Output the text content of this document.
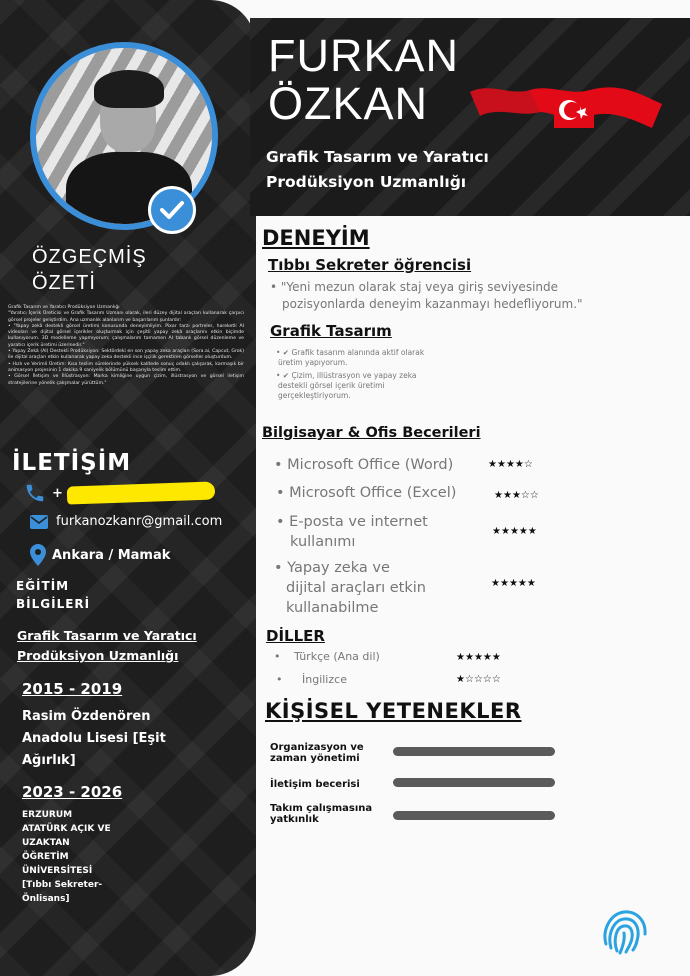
ÖZGEÇMİŞ
ÖZETİ

Grafik Tasarım ve Yaratıcı Prodüksiyon Uzmanlığı

"Yaratıcı İçerik Üreticisi ve Grafik Tasarım Uzmanı olarak, ileri düzey dijital araçları kullanarak çarpıcı görsel projeler geliştirdim. Ana uzmanlık alanlarım ve başarılarım şunlardır:

• "Yapay zekâ destekli görsel üretimi konusunda deneyimliyim. Pixar tarzı portreler, hareketli AI videoları ve dijital görsel içerikler oluşturmak için çeşitli yapay zekâ araçlarını etkin biçimde kullanıyorum. 3D modelleme yapmıyorum; çalışmalarım tamamen AI tabanlı görsel düzenleme ve yaratıcı içerik üretimi üzerinedir."

• Yapay Zekâ (AI) Destekli Prodüksiyon: Sektördeki en son yapay zeka araçları (Sora.ai, Capcut, Grok) ile dijital araçları etkin kullanarak yapay zeka destekli ince işçilik gerektiren görseller oluşturdum.

• Hızlı ve Verimli Üretim: Kısa teslim sürelerinde yüksek kalitede sonuç odaklı çalışarak, karmaşık bir animasyon projesinin 1 dakika 9 saniyelik bölümünü başarıyla teslim ettim.

• Görsel İletişim ve İllüstrasyon: Marka kimliğine uygun çizim, illüstrasyon ve görsel iletişim stratejilerine yönelik çalışmalar yürüttüm."

İLETİŞİM
+
furkanozkanr@gmail.com
Ankara / Mamak
EĞİTİM
BİLGİLERİ
Grafik Tasarım ve Yaratıcı
Prodüksiyon Uzmanlığı
2015 - 2019
Rasim Özdenören
Anadolu Lisesi [Eşit
Ağırlık]
2023 - 2026
ERZURUM
ATATÜRK AÇIK VE
UZAKTAN
ÖĞRETİM
ÜNİVERSİTESİ
[Tıbbı Sekreter-
Önlisans]
FURKAN
ÖZKAN
Grafik Tasarım ve Yaratıcı
Prodüksiyon Uzmanlığı
DENEYİM
Tıbbı Sekreter öğrencisi
• "Yeni mezun olarak staj veya giriş seviyesinde
pozisyonlarda deneyim kazanmayı hedefliyorum."
Grafik Tasarım
• ✔ Grafik tasarım alanında aktif olarak
üretim yapıyorum.
• ✔ Çizim, illüstrasyon ve yapay zeka
destekli görsel içerik üretimi
gerçekleştiriyorum.
Bilgisayar & Ofis Becerileri
• Microsoft Office (Word)	★★★★☆
• Microsoft Office (Excel)	★★★☆☆
• E-posta ve internet
kullanımı
★★★★★
• Yapay zeka ve
dijital araçları etkin
kullanabilme
★★★★★
DİLLER
• Türkçe (Ana dil)	★★★★★
• İngilizce	★☆☆☆☆
KİŞİSEL YETENEKLER
Organizasyon ve
zaman yönetimi
İletişim becerisi
Takım çalışmasına
yatkınlık
